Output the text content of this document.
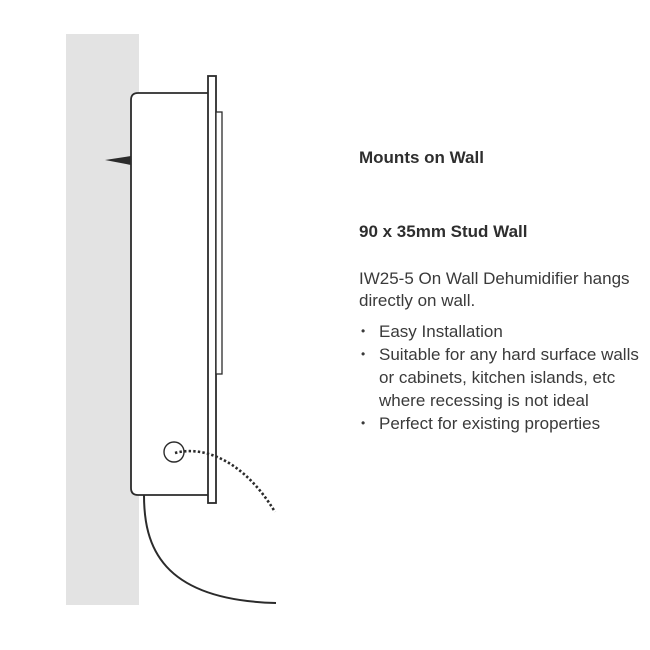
Mounts on Wall
90 x 35mm Stud Wall
IW25-5 On Wall Dehumidifier hangs directly on wall.
• Easy Installation
• Suitable for any hard surface walls or cabinets, kitchen islands, etc where recessing is not ideal
• Perfect for existing properties
